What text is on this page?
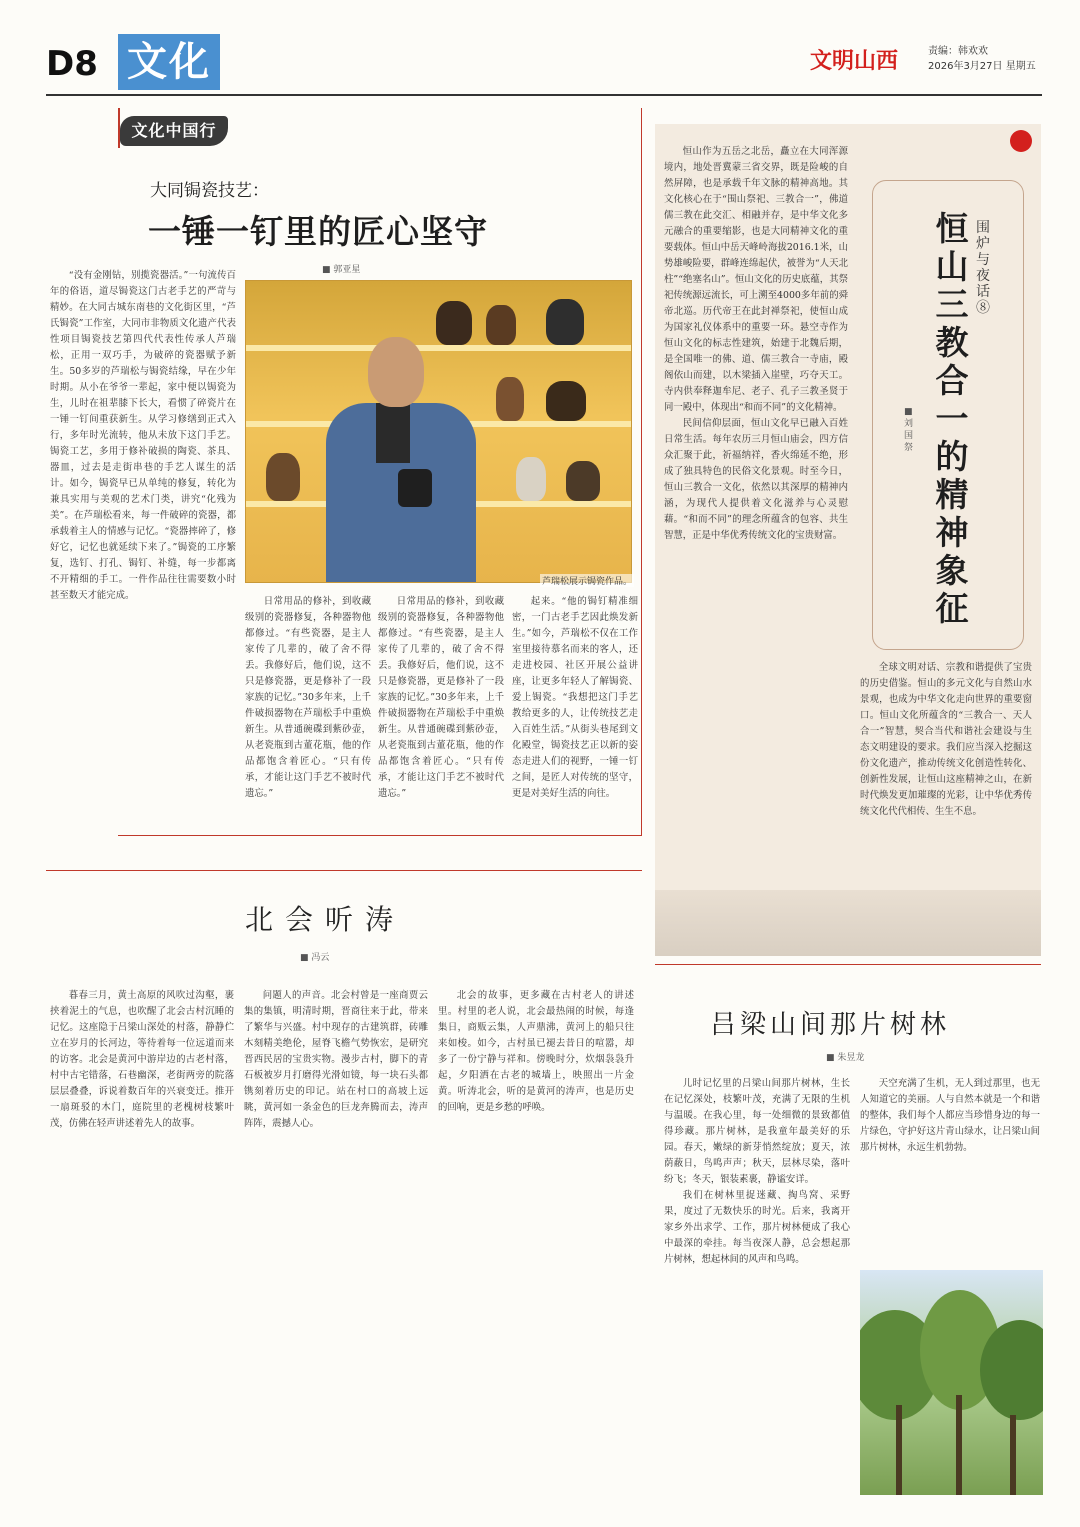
D8 文化	文明山西	责编：韩欢欢
2026年3月27日 星期五
文化中国行
大同锔瓷技艺：
一锤一钉里的匠心坚守
■ 郭亚星

“没有金刚钻，别揽瓷器活。”一句流传百年的俗语，道尽锔瓷这门古老手艺的严苛与精妙。在大同古城东南巷的文化街区里，“芦氏锔瓷”工作室，大同市非物质文化遗产代表性项目锔瓷技艺第四代代表性传承人芦瑞松，正用一双巧手，为破碎的瓷器赋予新生。50多岁的芦瑞松与锔瓷结缘，早在少年时期。从小在爷爷一辈起，家中便以锔瓷为生，儿时在祖辈膝下长大，看惯了碎瓷片在一锤一钉间重获新生。从学习修缮到正式入行，多年时光流转，他从未放下这门手艺。锔瓷工艺，多用于修补破损的陶瓷、茶具、器皿，过去是走街串巷的手艺人谋生的活计。如今，锔瓷早已从单纯的修复，转化为兼具实用与美观的艺术门类，讲究“化残为美”。在芦瑞松看来，每一件破碎的瓷器，都承载着主人的情感与记忆。“瓷器摔碎了，修好它，记忆也就延续下来了。”锔瓷的工序繁复，选钉、打孔、锔钉、补缝，每一步都离不开精细的手工。一件作品往往需要数小时甚至数天才能完成。

芦瑞松展示锔瓷作品。

日常用品的修补，到收藏级别的瓷器修复，各种器物他都修过。“有些瓷器，是主人家传了几辈的，破了舍不得丢。我修好后，他们说，这不只是修瓷器，更是修补了一段家族的记忆。”30多年来，上千件破损器物在芦瑞松手中重焕新生。从普通碗碟到紫砂壶，从老瓷瓶到古董花瓶，他的作品都饱含着匠心。“只有传承，才能让这门手艺不被时代遗忘。”

日常用品的修补，到收藏级别的瓷器修复，各种器物他都修过。“有些瓷器，是主人家传了几辈的，破了舍不得丢。我修好后，他们说，这不只是修瓷器，更是修补了一段家族的记忆。”30多年来，上千件破损器物在芦瑞松手中重焕新生。从普通碗碟到紫砂壶，从老瓷瓶到古董花瓶，他的作品都饱含着匠心。“只有传承，才能让这门手艺不被时代遗忘。”

起来。“他的锔钉精准细密，一门古老手艺因此焕发新生。”如今，芦瑞松不仅在工作室里接待慕名而来的客人，还走进校园、社区开展公益讲座，让更多年轻人了解锔瓷、爱上锔瓷。“我想把这门手艺教给更多的人，让传统技艺走入百姓生活。”从街头巷尾到文化殿堂，锔瓷技艺正以新的姿态走进人们的视野，一锤一钉之间，是匠人对传统的坚守，更是对美好生活的向往。

恒山 三教合一的精神象征
围炉与夜话⑧
■刘国祭

恒山作为五岳之北岳，矗立在大同浑源境内，地处晋冀蒙三省交界，既是险峻的自然屏障，也是承载千年文脉的精神高地。其文化核心在于“围山祭祀、三教合一”，佛道儒三教在此交汇、相融并存，是中华文化多元融合的重要缩影，也是大同精神文化的重要载体。恒山中岳天峰岭海拔2016.1米，山势雄峻险要，群峰连绵起伏，被誉为“人天北柱”“绝塞名山”。恒山文化的历史底蕴，其祭祀传统源远流长，可上溯至4000多年前的舜帝北巡。历代帝王在此封禅祭祀，使恒山成为国家礼仪体系中的重要一环。悬空寺作为恒山文化的标志性建筑，始建于北魏后期，是全国唯一的佛、道、儒三教合一寺庙，殿阁依山而建，以木梁插入崖壁，巧夺天工。寺内供奉释迦牟尼、老子、孔子三教圣贤于同一殿中，体现出“和而不同”的文化精神。

民间信仰层面，恒山文化早已融入百姓日常生活。每年农历三月恒山庙会，四方信众汇聚于此，祈福纳祥，香火绵延不绝，形成了独具特色的民俗文化景观。时至今日，恒山三教合一文化，依然以其深厚的精神内涵，为现代人提供着文化滋养与心灵慰藉。“和而不同”的理念所蕴含的包容、共生智慧，正是中华优秀传统文化的宝贵财富。

全球文明对话、宗教和谐提供了宝贵的历史借鉴。恒山的多元文化与自然山水景观，也成为中华文化走向世界的重要窗口。恒山文化所蕴含的“三教合一、天人合一”智慧，契合当代和谐社会建设与生态文明建设的要求。我们应当深入挖掘这份文化遗产，推动传统文化创造性转化、创新性发展，让恒山这座精神之山，在新时代焕发更加璀璨的光彩，让中华优秀传统文化代代相传、生生不息。

北会听涛
■ 冯云

暮春三月，黄土高原的风吹过沟壑，裹挟着泥土的气息，也吹醒了北会古村沉睡的记忆。这座隐于吕梁山深处的村落，静静伫立在岁月的长河边，等待着每一位远道而来的访客。北会是黄河中游岸边的古老村落，村中古宅错落，石巷幽深，老街两旁的院落层层叠叠，诉说着数百年的兴衰变迁。推开一扇斑驳的木门，庭院里的老槐树枝繁叶茂，仿佛在轻声讲述着先人的故事。

问题人的声音。北会村曾是一座商贾云集的集镇，明清时期，晋商往来于此，带来了繁华与兴盛。村中现存的古建筑群，砖雕木刻精美绝伦，屋脊飞檐气势恢宏，是研究晋西民居的宝贵实物。漫步古村，脚下的青石板被岁月打磨得光滑如镜，每一块石头都镌刻着历史的印记。站在村口的高坡上远眺，黄河如一条金色的巨龙奔腾而去，涛声阵阵，震撼人心。

北会的故事，更多藏在古村老人的讲述里。村里的老人说，北会最热闹的时候，每逢集日，商贩云集，人声鼎沸，黄河上的船只往来如梭。如今，古村虽已褪去昔日的喧嚣，却多了一份宁静与祥和。傍晚时分，炊烟袅袅升起，夕阳洒在古老的城墙上，映照出一片金黄。听涛北会，听的是黄河的涛声，也是历史的回响，更是乡愁的呼唤。

吕梁山间那片树林
■ 朱昱龙

儿时记忆里的吕梁山间那片树林，生长在记忆深处，枝繁叶茂，充满了无限的生机与温暖。在我心里，每一处细微的景致都值得珍藏。那片树林，是我童年最美好的乐园。春天，嫩绿的新芽悄然绽放；夏天，浓荫蔽日，鸟鸣声声；秋天，层林尽染，落叶纷飞；冬天，银装素裹，静谧安详。

我们在树林里捉迷藏、掏鸟窝、采野果，度过了无数快乐的时光。后来，我离开家乡外出求学、工作，那片树林便成了我心中最深的牵挂。每当夜深人静，总会想起那片树林，想起林间的风声和鸟鸣。

天空充满了生机，无人到过那里，也无人知道它的美丽。人与自然本就是一个和谐的整体，我们每个人都应当珍惜身边的每一片绿色，守护好这片青山绿水，让吕梁山间那片树林，永远生机勃勃。
